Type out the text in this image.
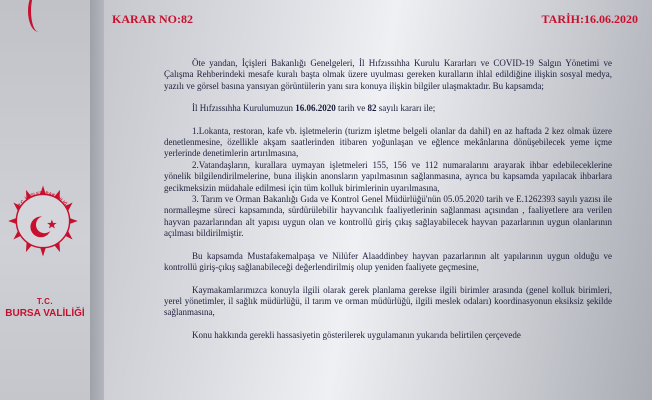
T.C. İÇİŞLERİ BAKANLIĞI
T.C.
BURSA VALİLİĞİ
KARAR NO:82	TARİH:16.06.2020

Öte yandan, İçişleri Bakanlığı Genelgeleri, İl Hıfzıssıhha Kurulu Kararları ve COVID-19 Salgın Yönetimi ve Çalışma Rehberindeki mesafe kuralı başta olmak üzere uyulması gereken kuralların ihlal edildiğine ilişkin sosyal medya, yazılı ve görsel basına yansıyan görüntülerin yanı sıra konuya ilişkin bilgiler ulaşmaktadır. Bu kapsamda;

İl Hıfzıssıhha Kurulumuzun 16.06.2020 tarih ve 82 sayılı kararı ile;

1.Lokanta, restoran, kafe vb. işletmelerin (turizm işletme belgeli olanlar da dahil) en az haftada 2 kez olmak üzere denetlenmesine, özellikle akşam saatlerinden itibaren yoğunlaşan ve eğlence mekânlarına dönüşebilecek yeme içme yerlerinde denetimlerin artırılmasına,

2.Vatandaşların, kurallara uymayan işletmeleri 155, 156 ve 112 numaralarını arayarak ihbar edebileceklerine yönelik bilgilendirilmelerine, buna ilişkin anonsların yapılmasının sağlanmasına, ayrıca bu kapsamda yapılacak ihbarlara gecikmeksizin müdahale edilmesi için tüm kolluk birimlerinin uyarılmasına,

3. Tarım ve Orman Bakanlığı Gıda ve Kontrol Genel Müdürlüğü'nün 05.05.2020 tarih ve E.1262393 sayılı yazısı ile normalleşme süreci kapsamında, sürdürülebilir hayvancılık faaliyetlerinin sağlanması açısından , faaliyetlere ara verilen hayvan pazarlarından alt yapısı uygun olan ve kontrollü giriş çıkış sağlayabilecek hayvan pazarlarının uygun olanlarının açılması bildirilmiştir.

Bu kapsamda Mustafakemalpaşa ve Nilüfer Alaaddinbey hayvan pazarlarının alt yapılarının uygun olduğu ve kontrollü giriş-çıkış sağlanabileceği değerlendirilmiş olup yeniden faaliyete geçmesine,

Kaymakamlarımızca konuyla ilgili olarak gerek planlama gerekse ilgili birimler arasında (genel kolluk birimleri, yerel yönetimler, il sağlık müdürlüğü, il tarım ve orman müdürlüğü, ilgili meslek odaları) koordinasyonun eksiksiz şekilde sağlanmasına,

Konu hakkında gerekli hassasiyetin gösterilerek uygulamanın yukarıda belirtilen çerçevede
